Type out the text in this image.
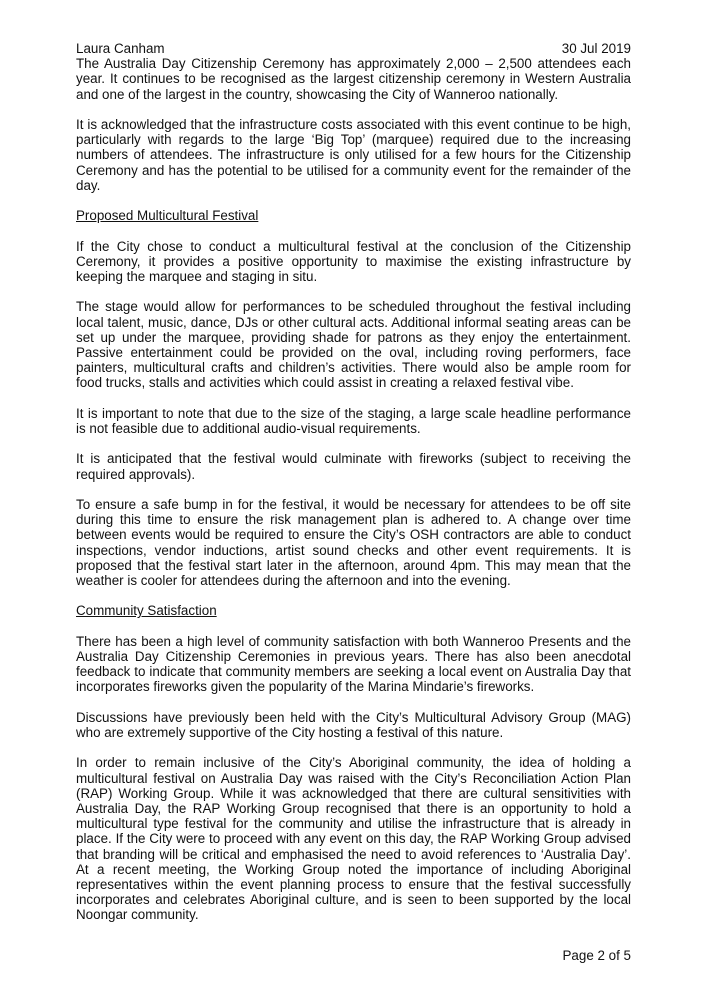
Laura Canham	30 Jul 2019

The Australia Day Citizenship Ceremony has approximately 2,000 – 2,500 attendees each year. It continues to be recognised as the largest citizenship ceremony in Western Australia and one of the largest in the country, showcasing the City of Wanneroo nationally.

It is acknowledged that the infrastructure costs associated with this event continue to be high, particularly with regards to the large ‘Big Top’ (marquee) required due to the increasing numbers of attendees. The infrastructure is only utilised for a few hours for the Citizenship Ceremony and has the potential to be utilised for a community event for the remainder of the day.

Proposed Multicultural Festival

If the City chose to conduct a multicultural festival at the conclusion of the Citizenship Ceremony, it provides a positive opportunity to maximise the existing infrastructure by keeping the marquee and staging in situ.

The stage would allow for performances to be scheduled throughout the festival including local talent, music, dance, DJs or other cultural acts. Additional informal seating areas can be set up under the marquee, providing shade for patrons as they enjoy the entertainment. Passive entertainment could be provided on the oval, including roving performers, face painters, multicultural crafts and children’s activities. There would also be ample room for food trucks, stalls and activities which could assist in creating a relaxed festival vibe.

It is important to note that due to the size of the staging, a large scale headline performance is not feasible due to additional audio-visual requirements.

It is anticipated that the festival would culminate with fireworks (subject to receiving the required approvals).

To ensure a safe bump in for the festival, it would be necessary for attendees to be off site during this time to ensure the risk management plan is adhered to. A change over time between events would be required to ensure the City’s OSH contractors are able to conduct inspections, vendor inductions, artist sound checks and other event requirements. It is proposed that the festival start later in the afternoon, around 4pm. This may mean that the weather is cooler for attendees during the afternoon and into the evening.

Community Satisfaction

There has been a high level of community satisfaction with both Wanneroo Presents and the Australia Day Citizenship Ceremonies in previous years. There has also been anecdotal feedback to indicate that community members are seeking a local event on Australia Day that incorporates fireworks given the popularity of the Marina Mindarie’s fireworks.

Discussions have previously been held with the City’s Multicultural Advisory Group (MAG) who are extremely supportive of the City hosting a festival of this nature.

In order to remain inclusive of the City’s Aboriginal community, the idea of holding a multicultural festival on Australia Day was raised with the City’s Reconciliation Action Plan (RAP) Working Group. While it was acknowledged that there are cultural sensitivities with Australia Day, the RAP Working Group recognised that there is an opportunity to hold a multicultural type festival for the community and utilise the infrastructure that is already in place. If the City were to proceed with any event on this day, the RAP Working Group advised that branding will be critical and emphasised the need to avoid references to ‘Australia Day’. At a recent meeting, the Working Group noted the importance of including Aboriginal representatives within the event planning process to ensure that the festival successfully incorporates and celebrates Aboriginal culture, and is seen to been supported by the local Noongar community.

Page 2 of 5
